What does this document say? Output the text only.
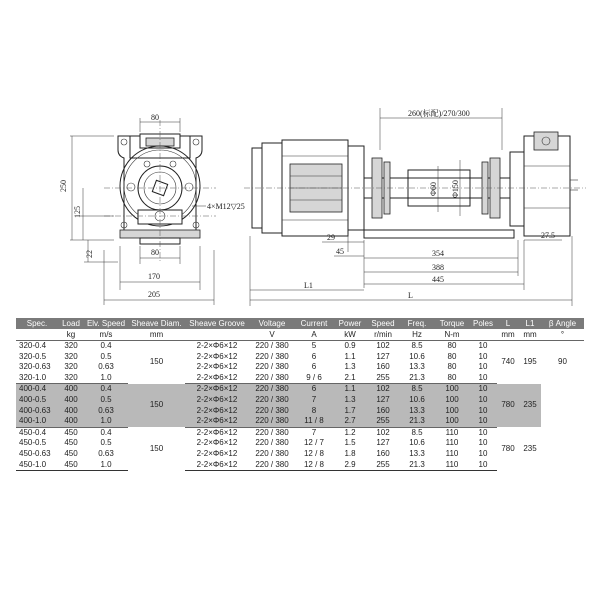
80
250
125
22	80
170
205
4×M12▽25
260(标配)/270/300
Φ60 Φ150
29
45	354
388
445
27.5
L1
L
Spec.	Load	Elv. Speed	Sheave Diam.	Sheave Groove	Voltage	Current	Power	Speed	Freq.	Torque	Poles	L	L1	β Angle
	kg	m/s	mm		V	A	kW	r/min	Hz	N-m		mm	mm	°
320-0.4	320	0.4	150	2-2×Φ6×12	220 / 380	5	0.9	102	8.5	80	10	740	195	90
320-0.5	320	0.5		2-2×Φ6×12	220 / 380	6	1.1	127	10.6	80	10			
320-0.63	320	0.63		2-2×Φ6×12	220 / 380	6	1.3	160	13.3	80	10			
320-1.0	320	1.0		2-2×Φ6×12	220 / 380	9 / 6	2.1	255	21.3	80	10			
400-0.4	400	0.4	150	2-2×Φ6×12	220 / 380	6	1.1	102	8.5	100	10	780	235	
400-0.5	400	0.5		2-2×Φ6×12	220 / 380	7	1.3	127	10.6	100	10			
400-0.63	400	0.63		2-2×Φ6×12	220 / 380	8	1.7	160	13.3	100	10			
400-1.0	400	1.0		2-2×Φ6×12	220 / 380	11 / 8	2.7	255	21.3	100	10			
450-0.4	450	0.4	150	2-2×Φ6×12	220 / 380	7	1.2	102	8.5	110	10	780	235	
450-0.5	450	0.5		2-2×Φ6×12	220 / 380	12 / 7	1.5	127	10.6	110	10			
450-0.63	450	0.63		2-2×Φ6×12	220 / 380	12 / 8	1.8	160	13.3	110	10			
450-1.0	450	1.0		2-2×Φ6×12	220 / 380	12 / 8	2.9	255	21.3	110	10			
